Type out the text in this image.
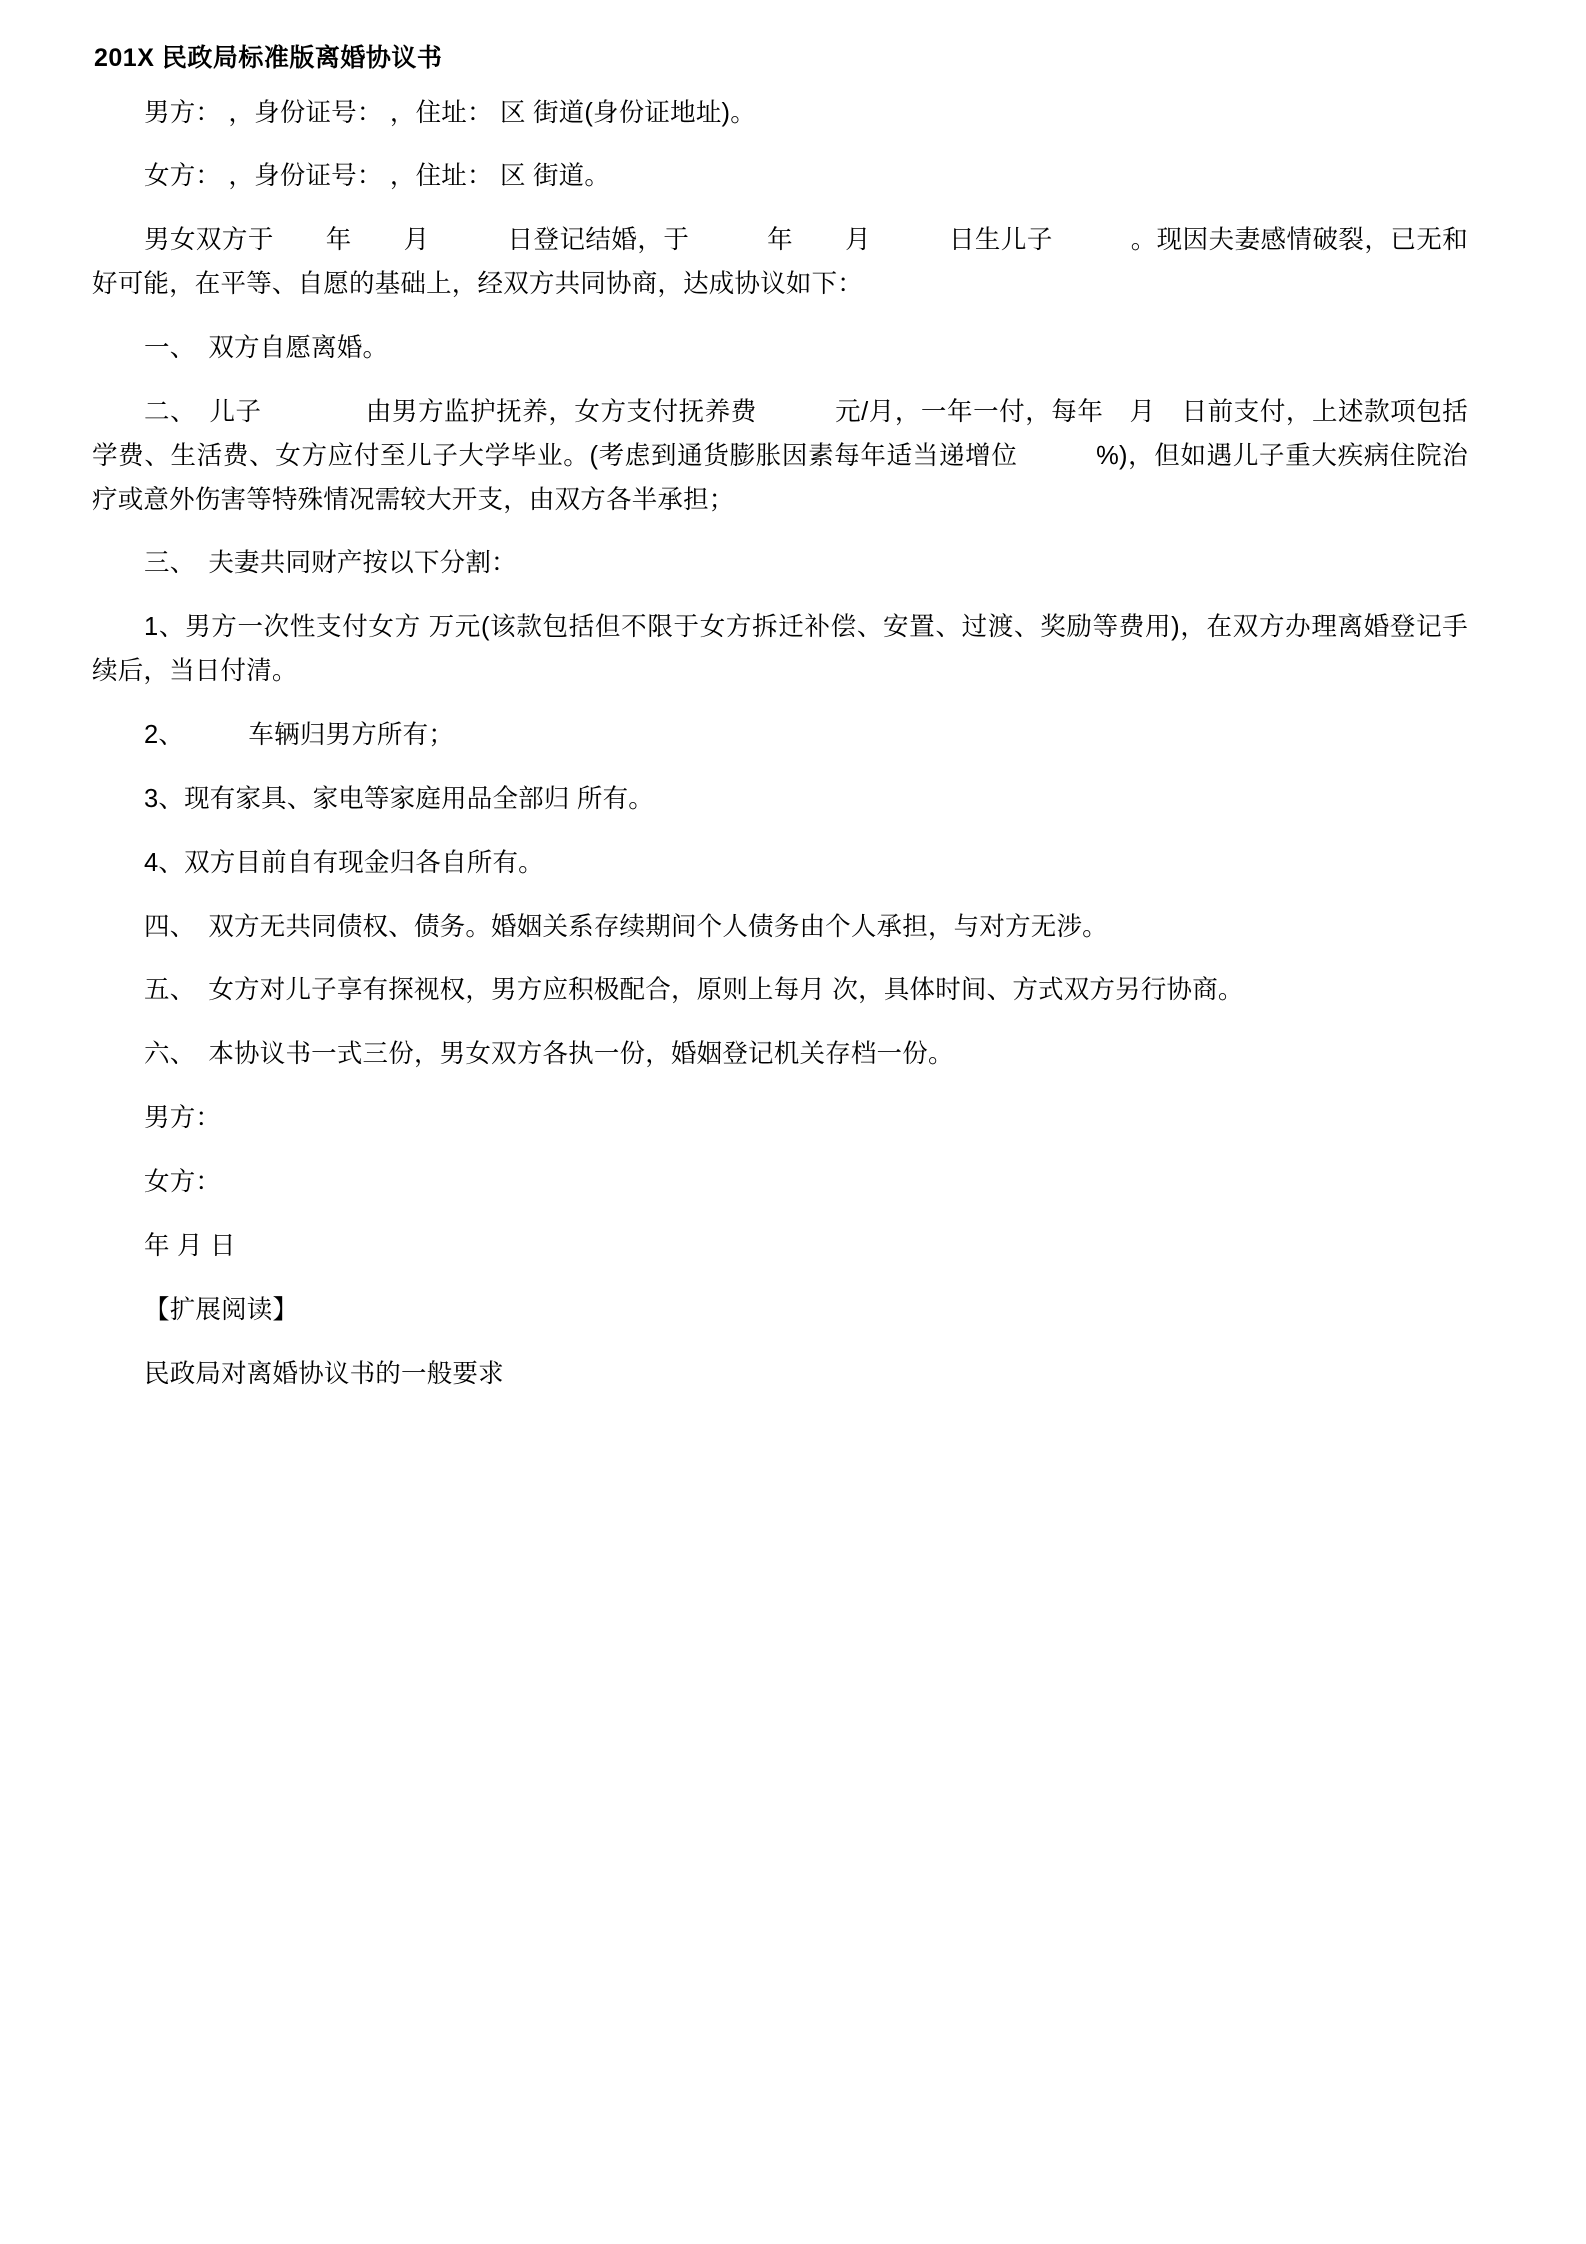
201X 民政局标准版离婚协议书

男方： ，身份证号： ，住址： 区 街道(身份证地址)。

女方： ，身份证号： ，住址： 区 街道。

男女双方于　　年　　月　　　日登记结婚，于　　　年　　月　　　日生儿子　　　。现因夫妻感情破裂，已无和好可能，在平等、自愿的基础上，经双方共同协商，达成协议如下：

一、　双方自愿离婚。

二、　儿子　　　　由男方监护抚养，女方支付抚养费　　　元/月，一年一付，每年　月　日前支付，上述款项包括学费、生活费、女方应付至儿子大学毕业。(考虑到通货膨胀因素每年适当递增位　　　%)，但如遇儿子重大疾病住院治疗或意外伤害等特殊情况需较大开支，由双方各半承担；

三、　夫妻共同财产按以下分割：

1、男方一次性支付女方 万元(该款包括但不限于女方拆迁补偿、安置、过渡、奖励等费用)，在双方办理离婚登记手续后，当日付清。

2、　　　车辆归男方所有；

3、现有家具、家电等家庭用品全部归 所有。

4、双方目前自有现金归各自所有。

四、　双方无共同债权、债务。婚姻关系存续期间个人债务由个人承担，与对方无涉。

五、　女方对儿子享有探视权，男方应积极配合，原则上每月 次，具体时间、方式双方另行协商。

六、　本协议书一式三份，男女双方各执一份，婚姻登记机关存档一份。

男方：

女方：

年 月 日

【扩展阅读】

民政局对离婚协议书的一般要求
